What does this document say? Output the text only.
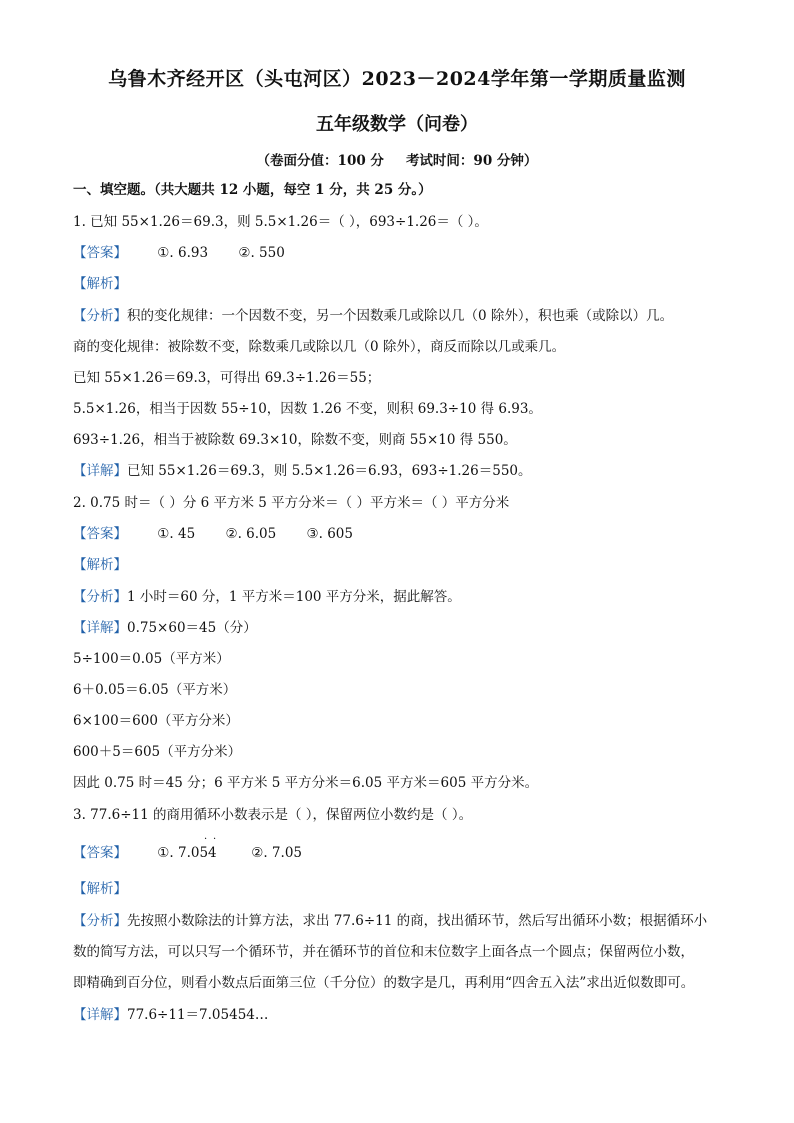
乌鲁木齐经开区（头屯河区）2023－2024学年第一学期质量监测
五年级数学（问卷）
（卷面分值：100 分 考试时间：90 分钟）
一、填空题。（共大题共 12 小题，每空 1 分，共 25 分。）
1. 已知 55×1.26＝69.3，则 5.5×1.26＝（ ），693÷1.26＝（ ）。
【答案】 ①. 6.93 ②. 550
【解析】
【分析】积的变化规律：一个因数不变，另一个因数乘几或除以几（0 除外），积也乘（或除以）几。
商的变化规律：被除数不变，除数乘几或除以几（0 除外），商反而除以几或乘几。
已知 55×1.26＝69.3，可得出 69.3÷1.26＝55；
5.5×1.26，相当于因数 55÷10，因数 1.26 不变，则积 69.3÷10 得 6.93。
693÷1.26，相当于被除数 69.3×10，除数不变，则商 55×10 得 550。
【详解】已知 55×1.26＝69.3，则 5.5×1.26＝6.93，693÷1.26＝550。
2. 0.75 时＝（ ）分 6 平方米 5 平方分米＝（ ）平方米＝（ ）平方分米
【答案】 ①. 45 ②. 6.05 ③. 605
【解析】
【分析】1 小时＝60 分，1 平方米＝100 平方分米，据此解答。
【详解】0.75×60＝45（分）
5÷100＝0.05（平方米）
6＋0.05＝6.05（平方米）
6×100＝600（平方分米）
600＋5＝605（平方分米）
因此 0.75 时＝45 分；6 平方米 5 平方分米＝6.05 平方米＝605 平方分米。
3. 77.6÷11 的商用循环小数表示是（ ），保留两位小数约是（ ）。
【答案】 ①. 7.054
· ·
②. 7.05
【解析】
【分析】先按照小数除法的计算方法，求出 77.6÷11 的商，找出循环节，然后写出循环小数；根据循环小
数的简写方法，可以只写一个循环节，并在循环节的首位和末位数字上面各点一个圆点；保留两位小数，
即精确到百分位，则看小数点后面第三位（千分位）的数字是几，再利用“四舍五入法”求出近似数即可。
【详解】77.6÷11＝7.05454…
